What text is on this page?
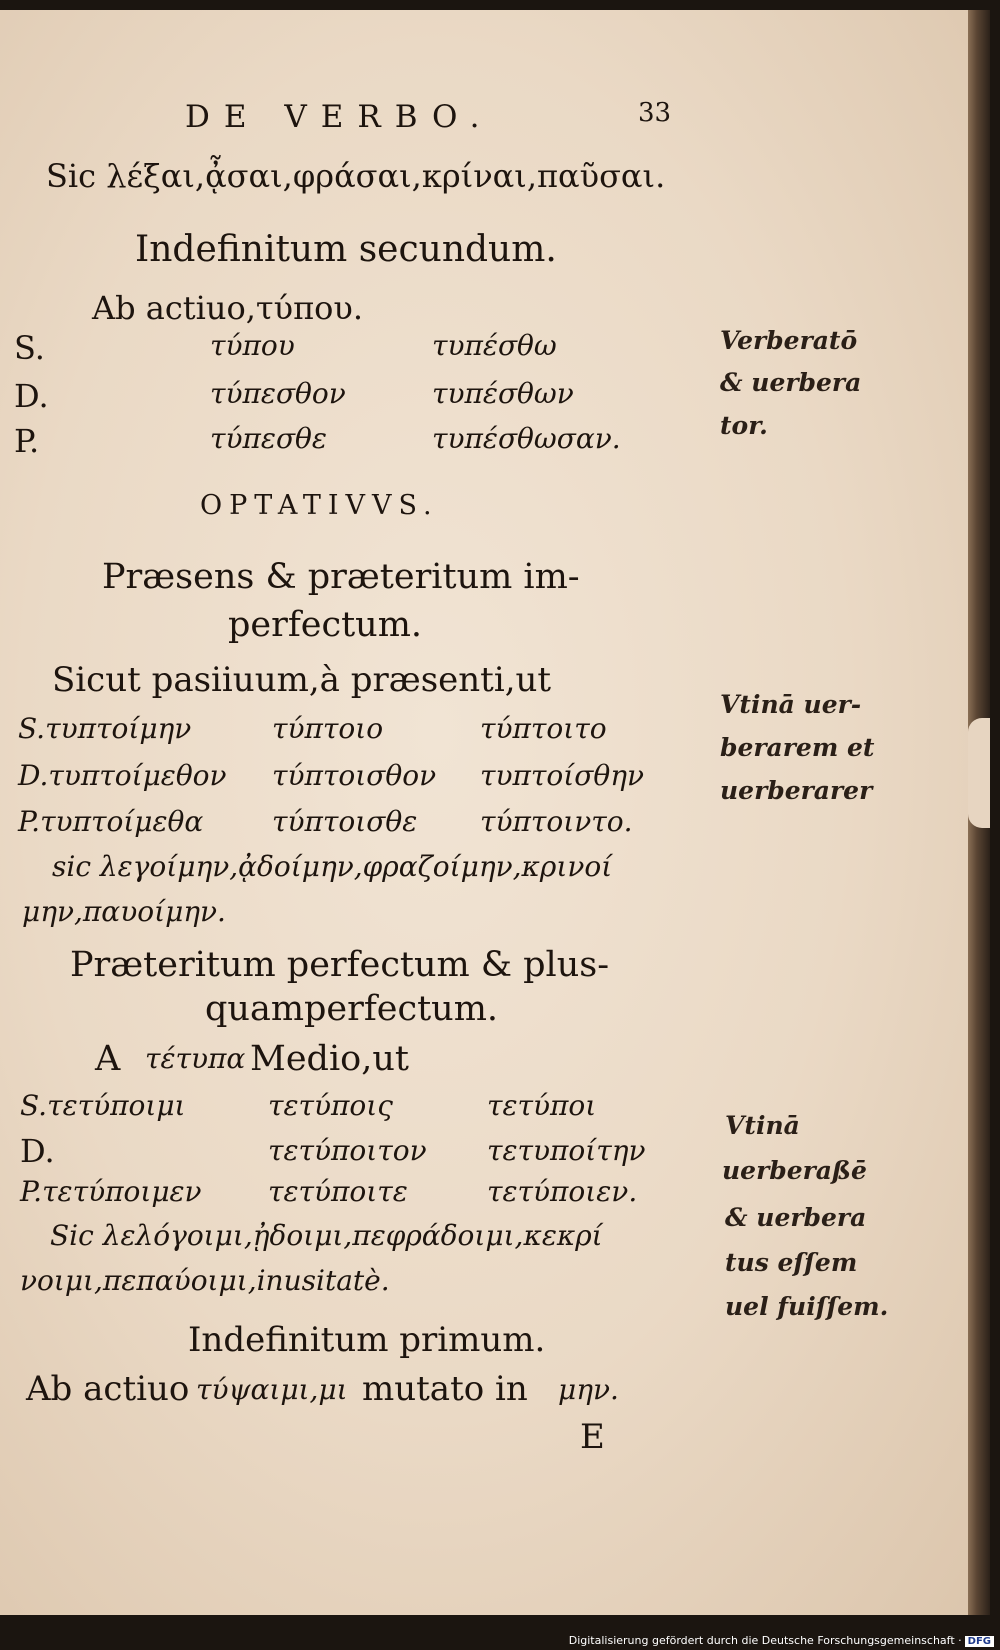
DE VERBO.	33
Sic λέξαι,ᾆσαι,φράσαι,κρίναι,παῦσαι.
Indefinitum secundum.
Ab actiuo,τύπου.
S.	τύπου	τυπέσθω
D.	τύπεσθον	τυπέσθων
P.	τύπεσθε	τυπέσθωσαν.
OPTATIVVS.
Præsens & præteritum im-
perfectum.
Sicut pasiiuum,à præsenti,ut
S.τυπτοίμην	τύπτοιο	τύπτοιτο
D.τυπτοίμεθον τύπτοισθον τυπτοίσθην
P.τυπτοίμεθα τύπτοισθε τύπτοιντο.
sic λεγοίμην,ᾀδοίμην,φραζοίμην,κρινοί
μην,παυοίμην.
Præteritum perfectum & plus-
quamperfectum.
A τέτυπα Medio,ut
S.τετύποιμι	τετύποις	τετύποι
D.	τετύποιτον τετυποίτην
P.τετύποιμεν τετύποιτε	τετύποιεν.
Sic λελόγοιμι,ᾐδοιμι,πεφράδοιμι,κεκρί
νοιμι,πεπαύοιμι,inusitatè.
Indefinitum primum.
Ab actiuo τύψαιμι,μι mutato in μην.
E
Verberatō
& uerbera
tor.
Vtinā uer-
berarem et
uerberarer
Vtinā
uerberaßē
& uerbera
tus eſſem
uel fuiſſem.
Digitalisierung gefördert durch die Deutsche Forschungsgemeinschaft · DFG
